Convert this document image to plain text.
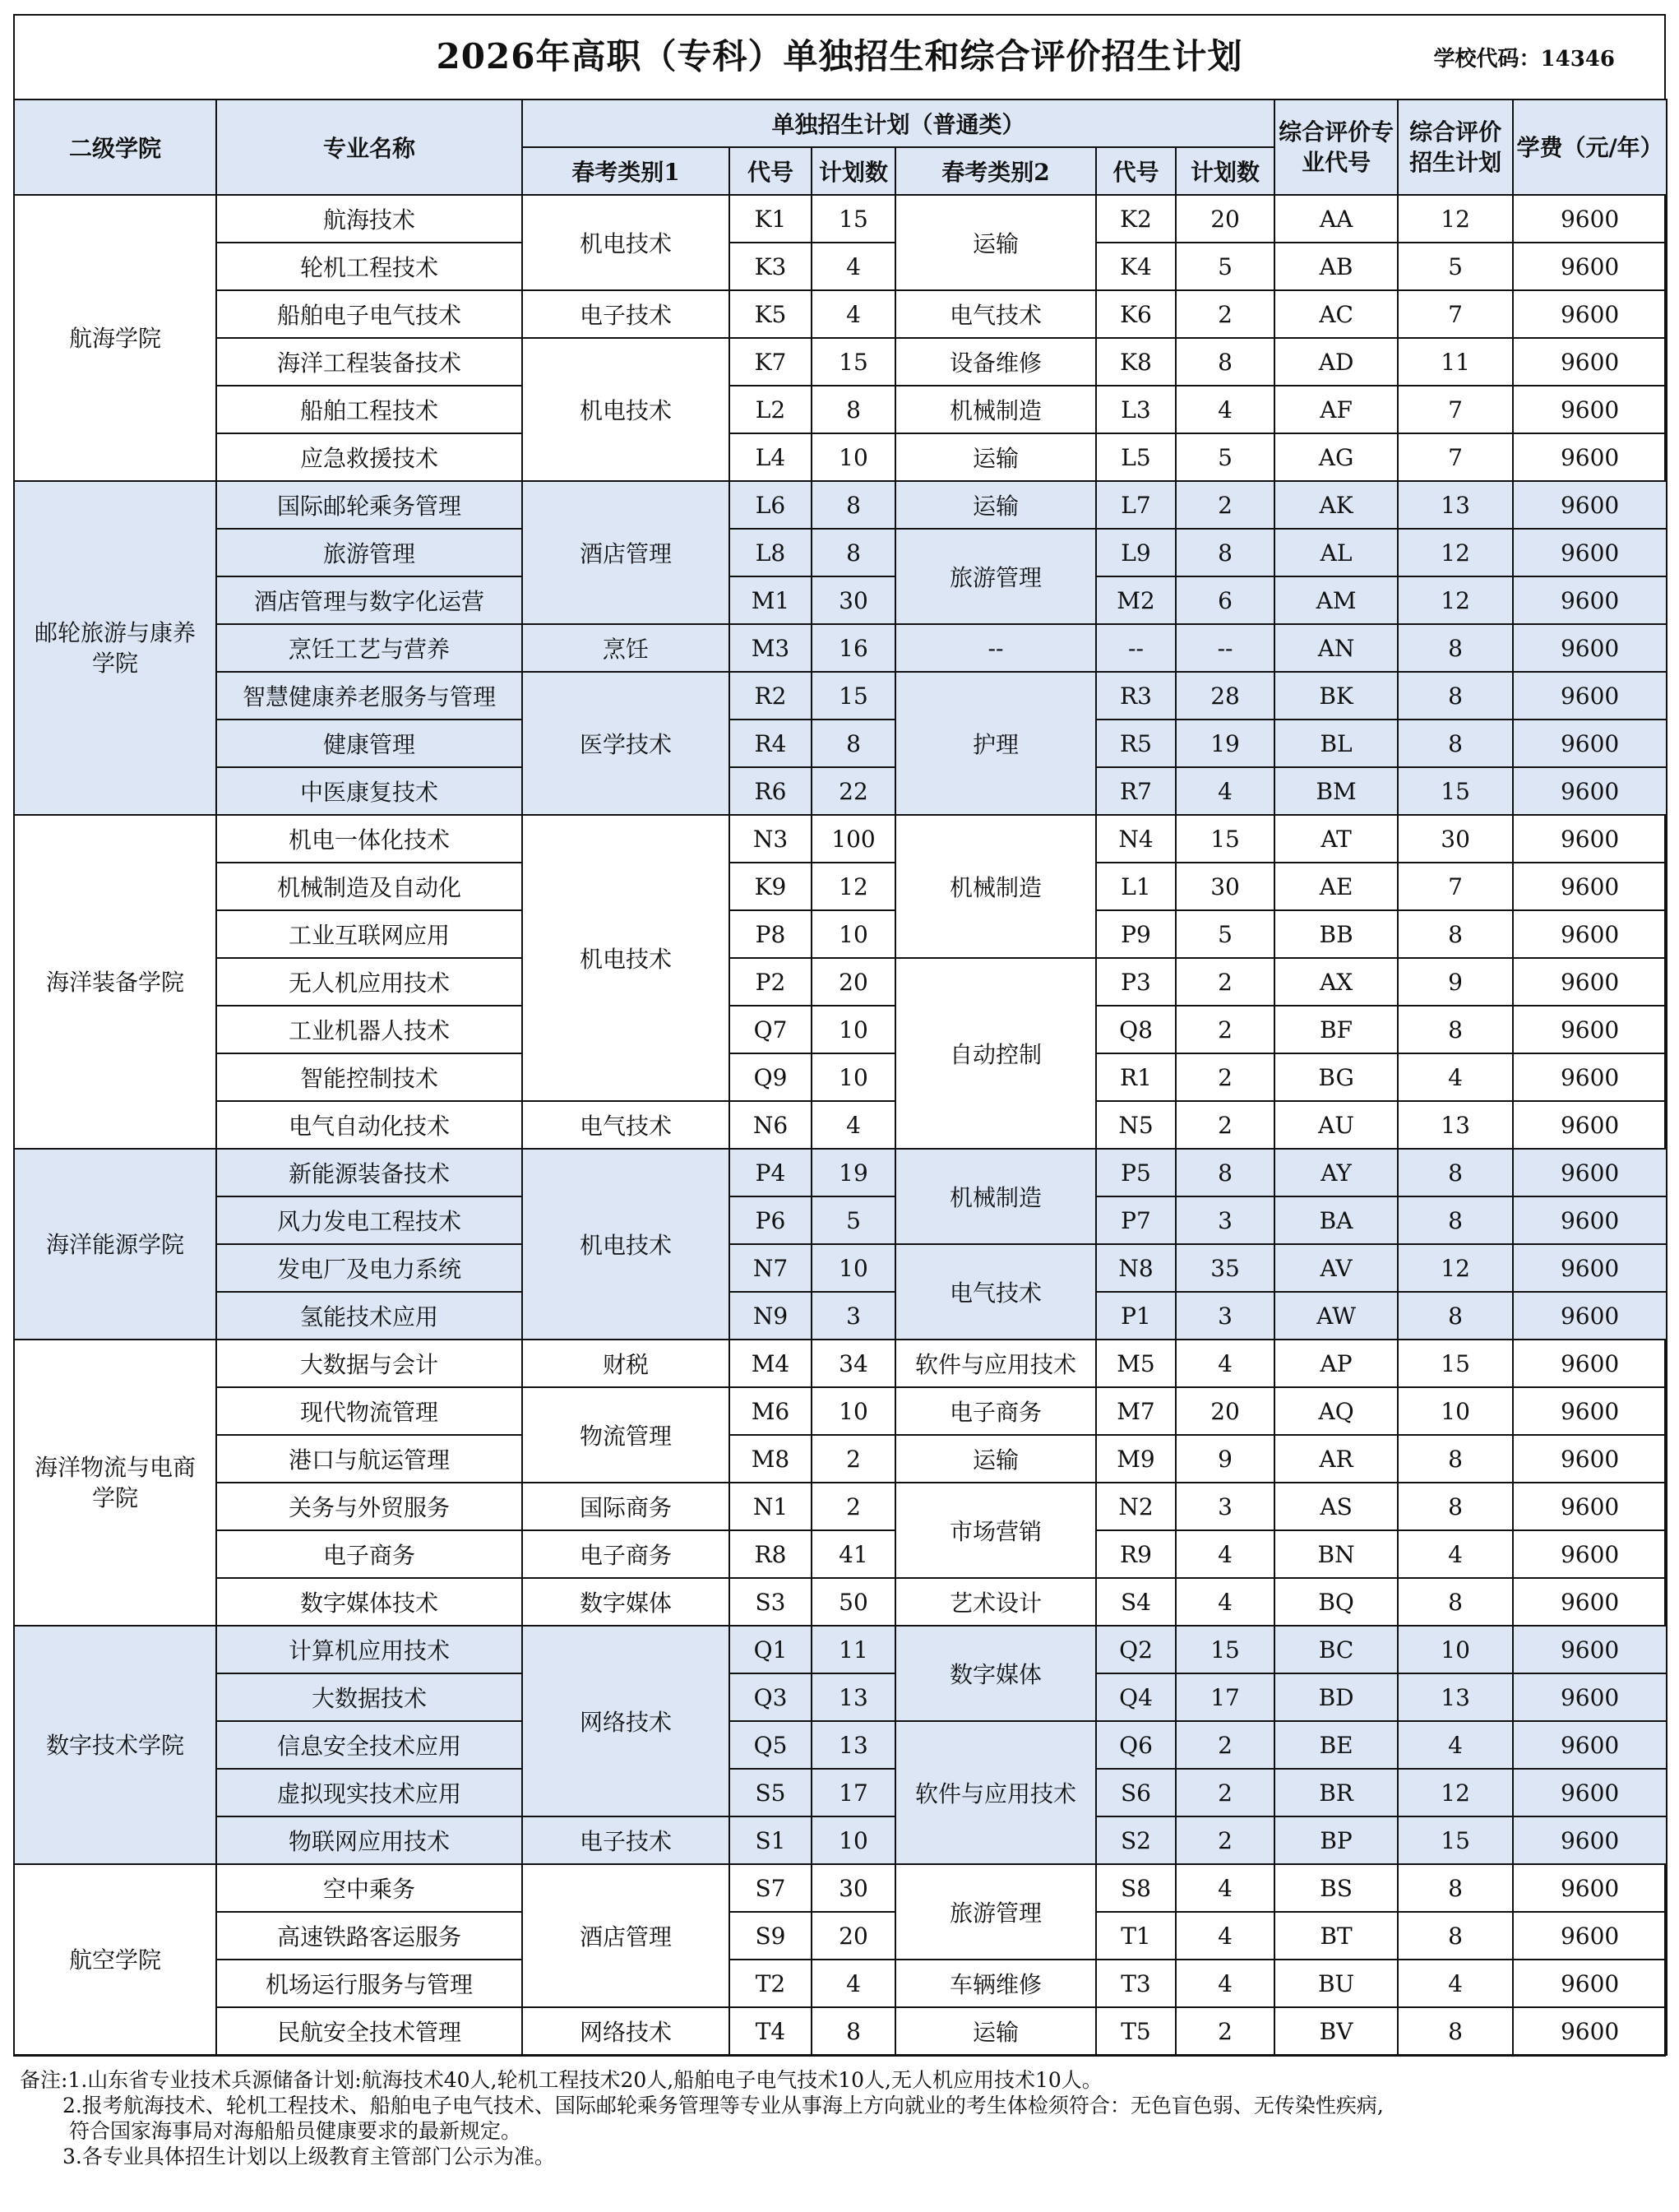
2026年高职（专科）单独招生和综合评价招生计划	学校代码：14346
二级学院	专业名称	单独招生计划（普通类）						综合评价专业代号	综合评价招生计划	学费（元/年）
		春考类别1	代号	计划数	春考类别2	代号	计划数			
航海学院	航海技术	机电技术	K1	15	运输	K2	20	AA	12	9600
	轮机工程技术		K3	4		K4	5	AB	5	9600
	船舶电子电气技术	电子技术	K5	4	电气技术	K6	2	AC	7	9600
	海洋工程装备技术	机电技术	K7	15	设备维修	K8	8	AD	11	9600
	船舶工程技术		L2	8	机械制造	L3	4	AF	7	9600
	应急救援技术		L4	10	运输	L5	5	AG	7	9600
邮轮旅游与康养学院	国际邮轮乘务管理	酒店管理	L6	8	运输	L7	2	AK	13	9600
	旅游管理		L8	8	旅游管理	L9	8	AL	12	9600
	酒店管理与数字化运营		M1	30		M2	6	AM	12	9600
	烹饪工艺与营养	烹饪	M3	16	--	--	--	AN	8	9600
	智慧健康养老服务与管理	医学技术	R2	15	护理	R3	28	BK	8	9600
	健康管理		R4	8		R5	19	BL	8	9600
	中医康复技术		R6	22		R7	4	BM	15	9600
海洋装备学院	机电一体化技术	机电技术	N3	100	机械制造	N4	15	AT	30	9600
	机械制造及自动化		K9	12		L1	30	AE	7	9600
	工业互联网应用		P8	10		P9	5	BB	8	9600
	无人机应用技术		P2	20	自动控制	P3	2	AX	9	9600
	工业机器人技术		Q7	10		Q8	2	BF	8	9600
	智能控制技术		Q9	10		R1	2	BG	4	9600
	电气自动化技术	电气技术	N6	4		N5	2	AU	13	9600
海洋能源学院	新能源装备技术	机电技术	P4	19	机械制造	P5	8	AY	8	9600
	风力发电工程技术		P6	5		P7	3	BA	8	9600
	发电厂及电力系统		N7	10	电气技术	N8	35	AV	12	9600
	氢能技术应用		N9	3		P1	3	AW	8	9600
海洋物流与电商学院	大数据与会计	财税	M4	34	软件与应用技术	M5	4	AP	15	9600
	现代物流管理	物流管理	M6	10	电子商务	M7	20	AQ	10	9600
	港口与航运管理		M8	2	运输	M9	9	AR	8	9600
	关务与外贸服务	国际商务	N1	2	市场营销	N2	3	AS	8	9600
	电子商务	电子商务	R8	41		R9	4	BN	4	9600
	数字媒体技术	数字媒体	S3	50	艺术设计	S4	4	BQ	8	9600
数字技术学院	计算机应用技术	网络技术	Q1	11	数字媒体	Q2	15	BC	10	9600
	大数据技术		Q3	13		Q4	17	BD	13	9600
	信息安全技术应用		Q5	13	软件与应用技术	Q6	2	BE	4	9600
	虚拟现实技术应用		S5	17		S6	2	BR	12	9600
	物联网应用技术	电子技术	S1	10		S2	2	BP	15	9600
航空学院	空中乘务	酒店管理	S7	30	旅游管理	S8	4	BS	8	9600
	高速铁路客运服务		S9	20		T1	4	BT	8	9600
	机场运行服务与管理		T2	4	车辆维修	T3	4	BU	4	9600
	民航安全技术管理	网络技术	T4	8	运输	T5	2	BV	8	9600
备注:1.山东省专业技术兵源储备计划:航海技术40人,轮机工程技术20人,船舶电子电气技术10人,无人机应用技术10人。
2.报考航海技术、轮机工程技术、船舶电子电气技术、国际邮轮乘务管理等专业从事海上方向就业的考生体检须符合：无色盲色弱、无传染性疾病,
符合国家海事局对海船船员健康要求的最新规定。
3.各专业具体招生计划以上级教育主管部门公示为准。
